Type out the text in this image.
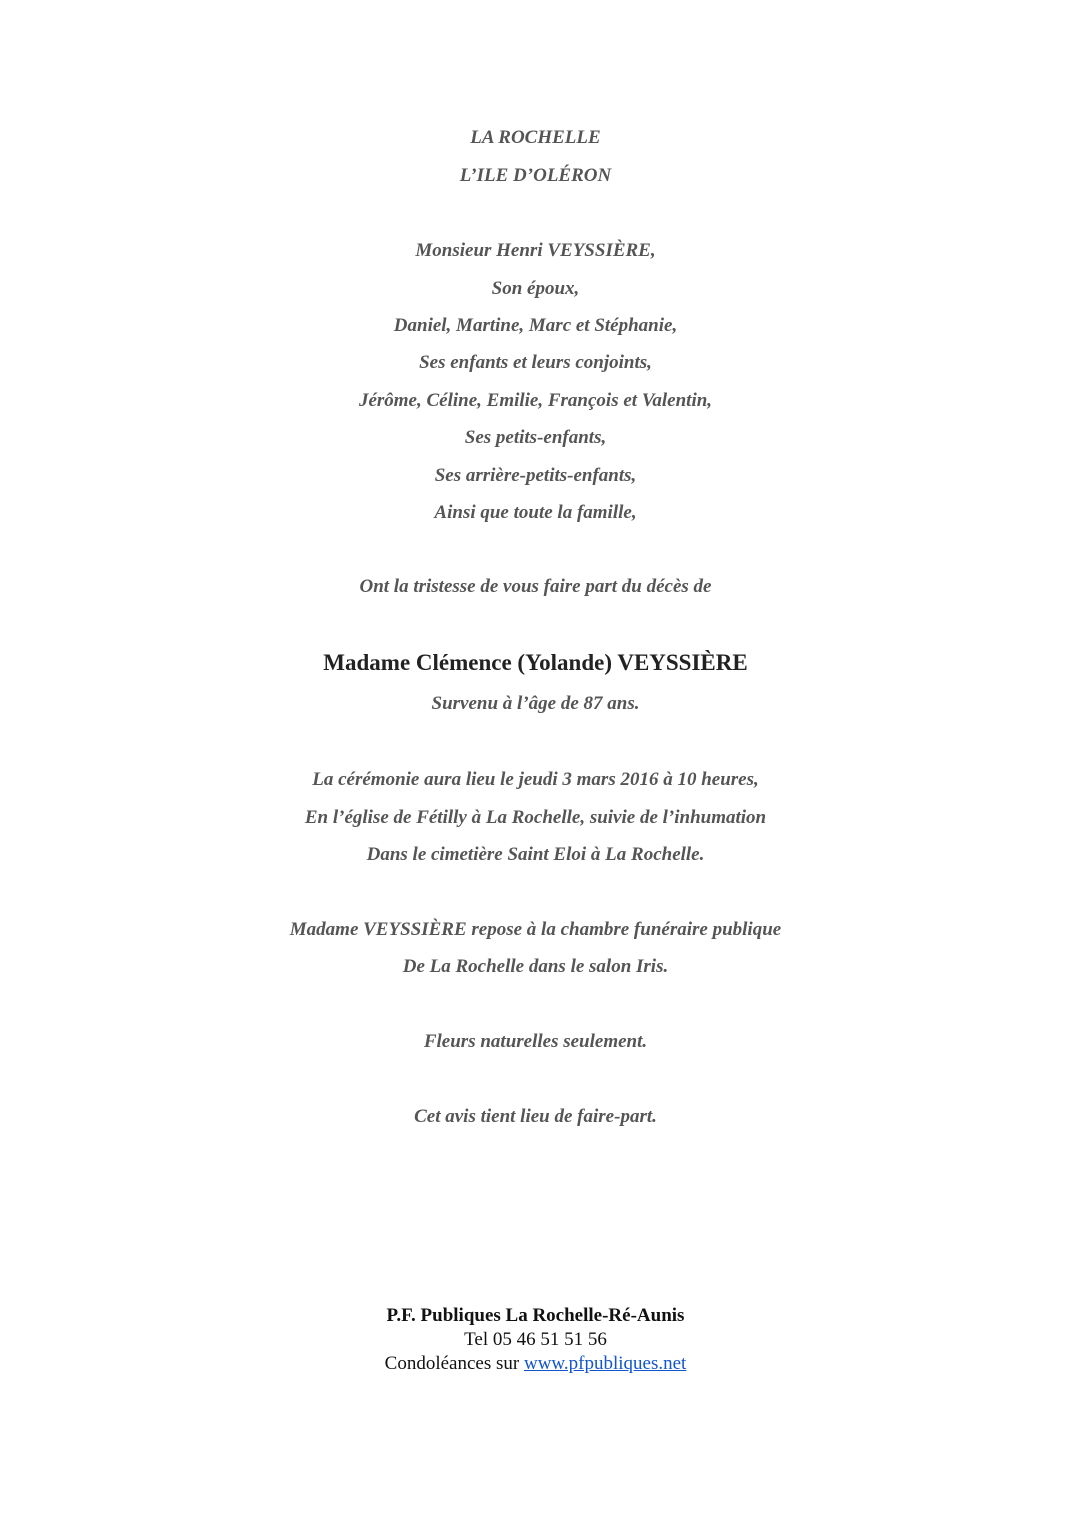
LA ROCHELLE
L’ILE D’OLÉRON
Monsieur Henri VEYSSIÈRE,
Son époux,
Daniel, Martine, Marc et Stéphanie,
Ses enfants et leurs conjoints,
Jérôme, Céline, Emilie, François et Valentin,
Ses petits-enfants,
Ses arrière-petits-enfants,
Ainsi que toute la famille,
Ont la tristesse de vous faire part du décès de
Madame Clémence (Yolande) VEYSSIÈRE
Survenu à l’âge de 87 ans.
La cérémonie aura lieu le jeudi 3 mars 2016 à 10 heures,
En l’église de Fétilly à La Rochelle, suivie de l’inhumation
Dans le cimetière Saint Eloi à La Rochelle.
Madame VEYSSIÈRE repose à la chambre funéraire publique
De La Rochelle dans le salon Iris.
Fleurs naturelles seulement.
Cet avis tient lieu de faire-part.
P.F. Publiques La Rochelle-Ré-Aunis
Tel 05 46 51 51 56
Condoléances sur www.pfpubliques.net
